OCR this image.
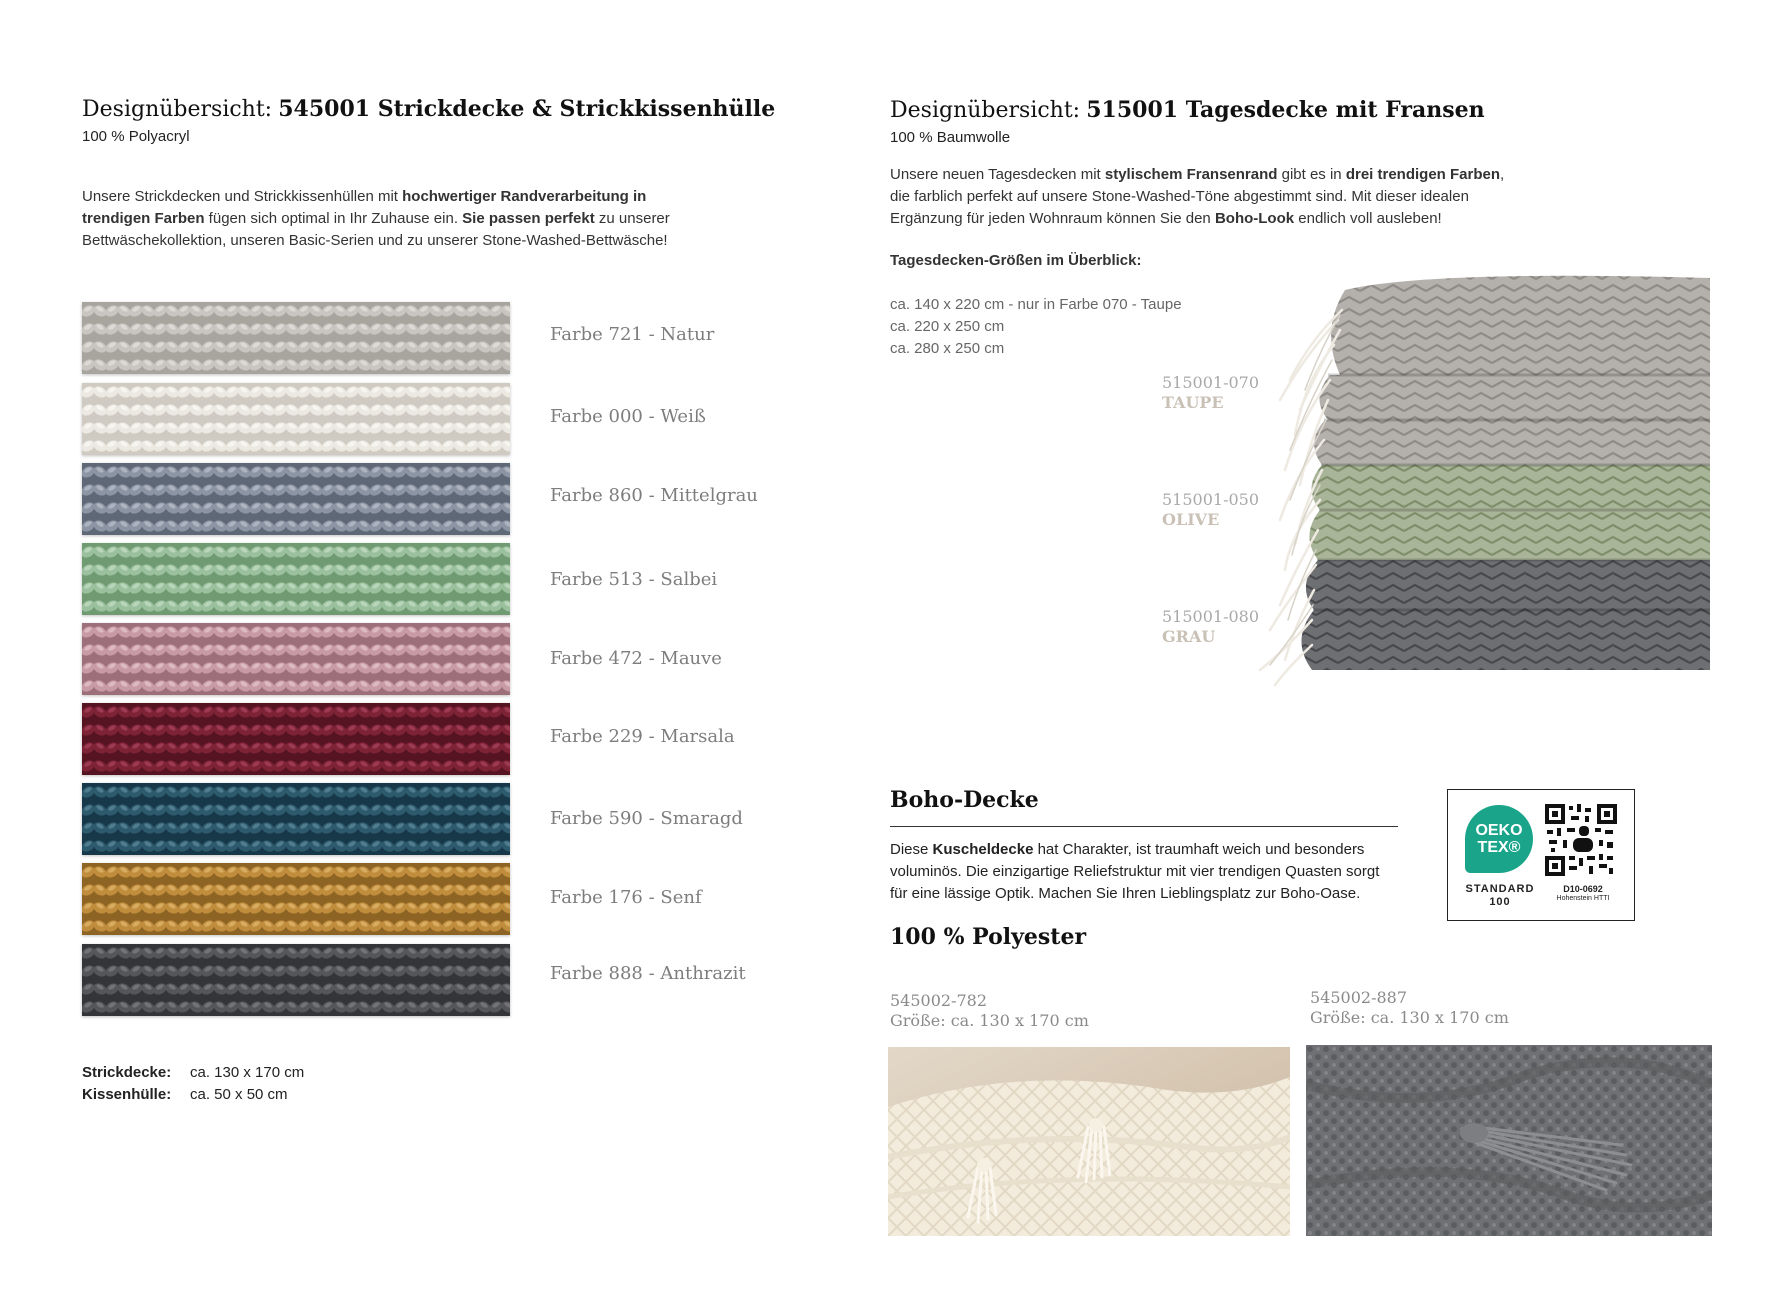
Designübersicht: 545001 Strickdecke & Strickkissenhülle
100 % Polyacryl
Unsere Strickdecken und Strickkissenhüllen mit hochwertiger Randverarbeitung in
trendigen Farben fügen sich optimal in Ihr Zuhause ein. Sie passen perfekt zu unserer
Bettwäschekollektion, unseren Basic-Serien und zu unserer Stone-Washed-Bettwäsche!
Farbe 721 - Natur
Farbe 000 - Weiß
Farbe 860 - Mittelgrau
Farbe 513 - Salbei
Farbe 472 - Mauve
Farbe 229 - Marsala
Farbe 590 - Smaragd
Farbe 176 - Senf
Farbe 888 - Anthrazit
Strickdecke: ca. 130 x 170 cm
Kissenhülle: ca. 50 x 50 cm
Designübersicht: 515001 Tagesdecke mit Fransen
100 % Baumwolle
Unsere neuen Tagesdecken mit stylischem Fransenrand gibt es in drei trendigen Farben,
die farblich perfekt auf unsere Stone-Washed-Töne abgestimmt sind. Mit dieser idealen
Ergänzung für jeden Wohnraum können Sie den Boho-Look endlich voll ausleben!
Tagesdecken-Größen im Überblick:
ca. 140 x 220 cm - nur in Farbe 070 - Taupe
ca. 220 x 250 cm
ca. 280 x 250 cm
515001-070
TAUPE
515001-050
OLIVE
515001-080
GRAU
Boho-Decke
Diese Kuscheldecke hat Charakter, ist traumhaft weich und besonders
voluminös. Die einzigartige Reliefstruktur mit vier trendigen Quasten sorgt
für eine lässige Optik. Machen Sie Ihren Lieblingsplatz zur Boho-Oase.
100 % Polyester
OEKO
TEX®
STANDARD
100
D10-0692
Hohenstein HTTI
545002-782
Größe: ca. 130 x 170 cm
545002-887
Größe: ca. 130 x 170 cm
